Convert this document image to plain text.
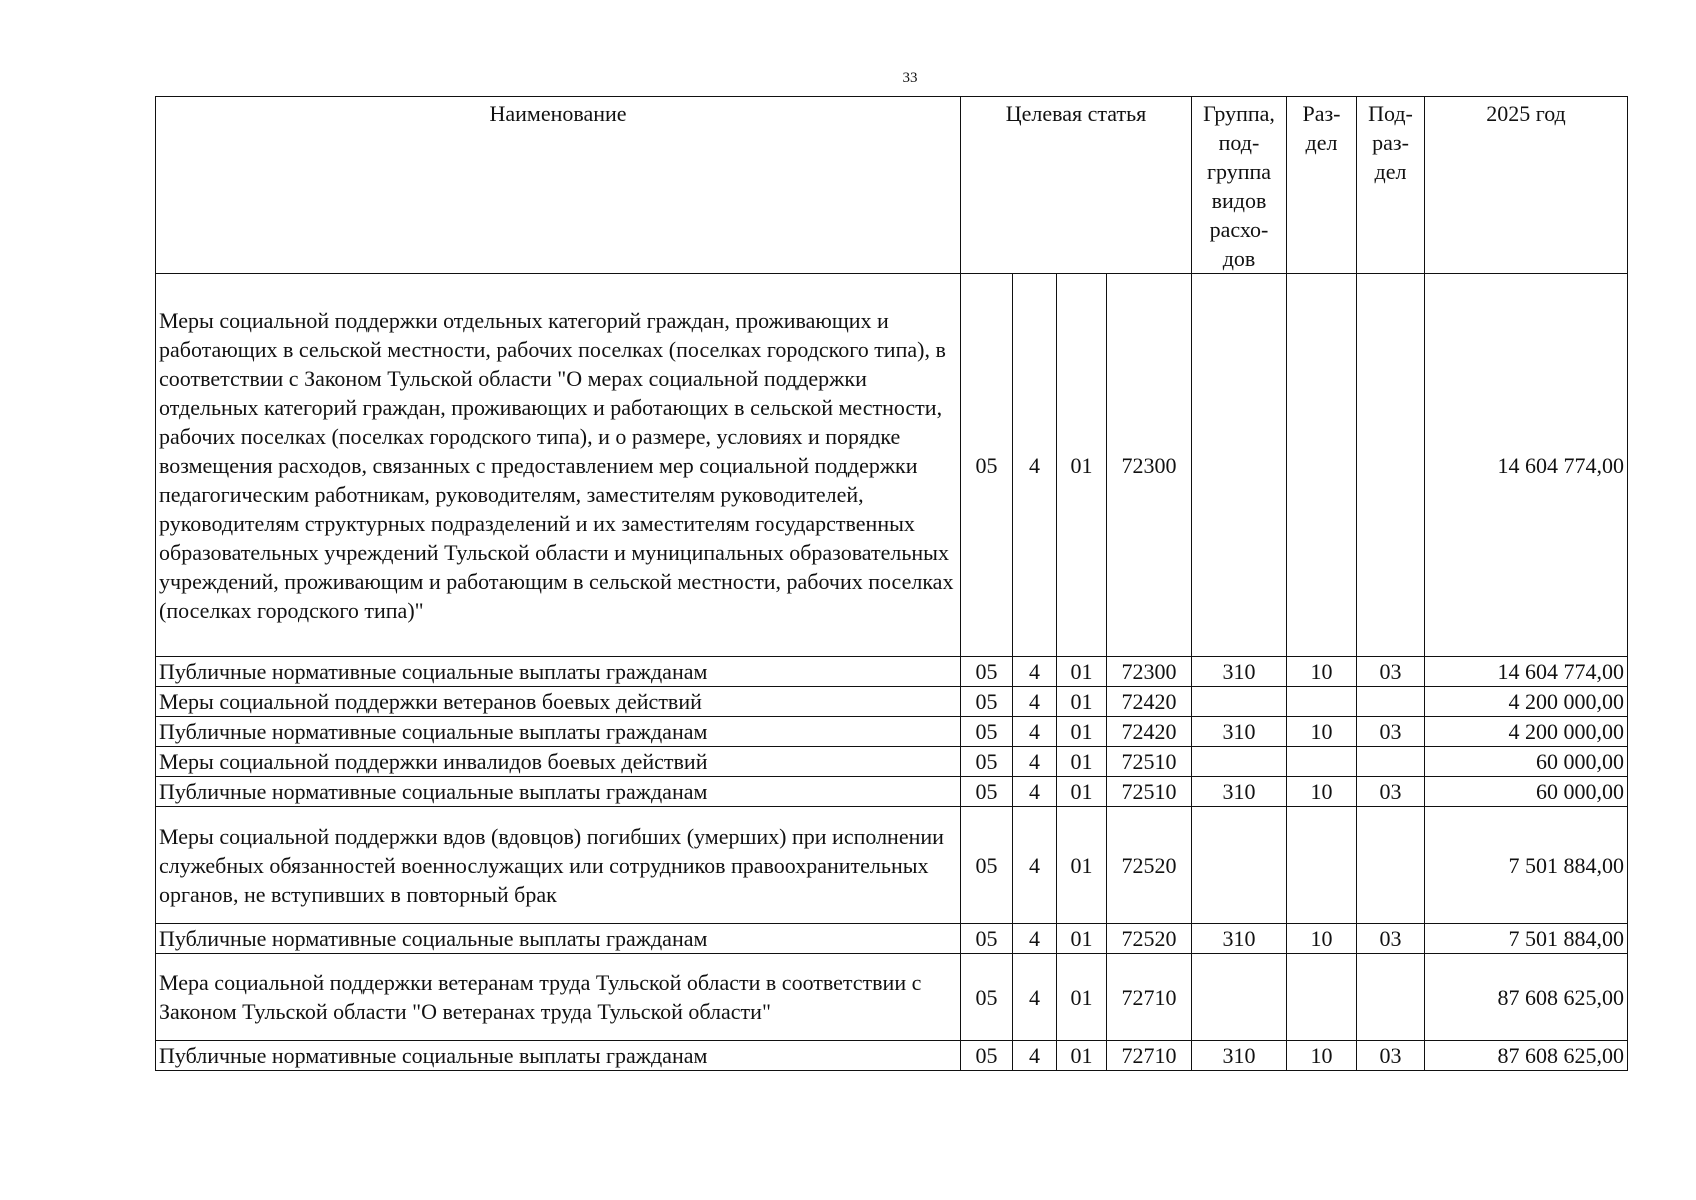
33
Наименование	Целевая статья				Группа, под- группа видов расхо- дов	Раз- дел	Под- раз- дел	2025 год
Меры социальной поддержки отдельных категорий граждан, проживающих и работающих в сельской местности, рабочих поселках (поселках городского типа), в соответствии с Законом Тульской области "О мерах социальной поддержки отдельных категорий граждан, проживающих и работающих в сельской местности, рабочих поселках (поселках городского типа), и о размере, условиях и порядке возмещения расходов, связанных с предоставлением мер социальной поддержки педагогическим работникам, руководителям, заместителям руководителей, руководителям структурных подразделений и их заместителям государственных образовательных учреждений Тульской области и муниципальных образовательных учреждений, проживающим и работающим в сельской местности, рабочих поселках (поселках городского типа)"	05	4	01	72300				14 604 774,00
Публичные нормативные социальные выплаты гражданам	05	4	01	72300	310	10	03	14 604 774,00
Меры социальной поддержки ветеранов боевых действий	05	4	01	72420				4 200 000,00
Публичные нормативные социальные выплаты гражданам	05	4	01	72420	310	10	03	4 200 000,00
Меры социальной поддержки инвалидов боевых действий	05	4	01	72510				60 000,00
Публичные нормативные социальные выплаты гражданам	05	4	01	72510	310	10	03	60 000,00
Меры социальной поддержки вдов (вдовцов) погибших (умерших) при исполнении служебных обязанностей военнослужащих или сотрудников правоохранительных органов, не вступивших в повторный брак	05	4	01	72520				7 501 884,00
Публичные нормативные социальные выплаты гражданам	05	4	01	72520	310	10	03	7 501 884,00
Мера социальной поддержки ветеранам труда Тульской области в соответствии с Законом Тульской области "О ветеранах труда Тульской области"	05	4	01	72710				87 608 625,00
Публичные нормативные социальные выплаты гражданам	05	4	01	72710	310	10	03	87 608 625,00
